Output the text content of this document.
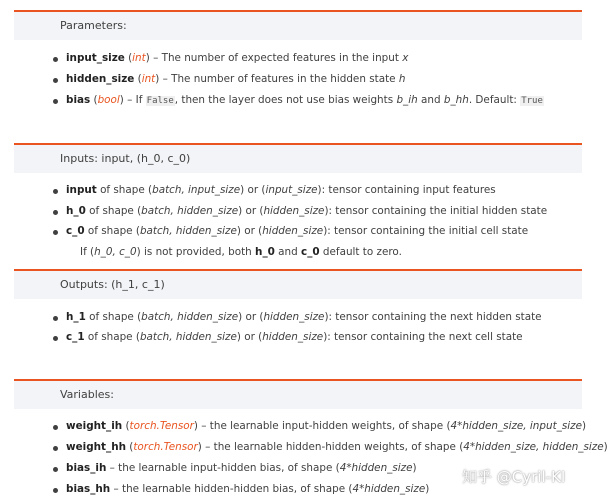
Parameters:
input_size (int) – The number of expected features in the input x
hidden_size (int) – The number of features in the hidden state h
bias (bool) – If False, then the layer does not use bias weights b_ih and b_hh. Default: True
Inputs: input, (h_0, c_0)
input of shape (batch, input_size) or (input_size): tensor containing input features
h_0 of shape (batch, hidden_size) or (hidden_size): tensor containing the initial hidden state
c_0 of shape (batch, hidden_size) or (hidden_size): tensor containing the initial cell state
If (h_0, c_0) is not provided, both h_0 and c_0 default to zero.
Outputs: (h_1, c_1)
h_1 of shape (batch, hidden_size) or (hidden_size): tensor containing the next hidden state
c_1 of shape (batch, hidden_size) or (hidden_size): tensor containing the next cell state
Variables:
weight_ih (torch.Tensor) – the learnable input-hidden weights, of shape (4*hidden_size, input_size)
weight_hh (torch.Tensor) – the learnable hidden-hidden weights, of shape (4*hidden_size, hidden_size)
bias_ih – the learnable input-hidden bias, of shape (4*hidden_size)
bias_hh – the learnable hidden-hidden bias, of shape (4*hidden_size)
知乎 @Cyril-KI
